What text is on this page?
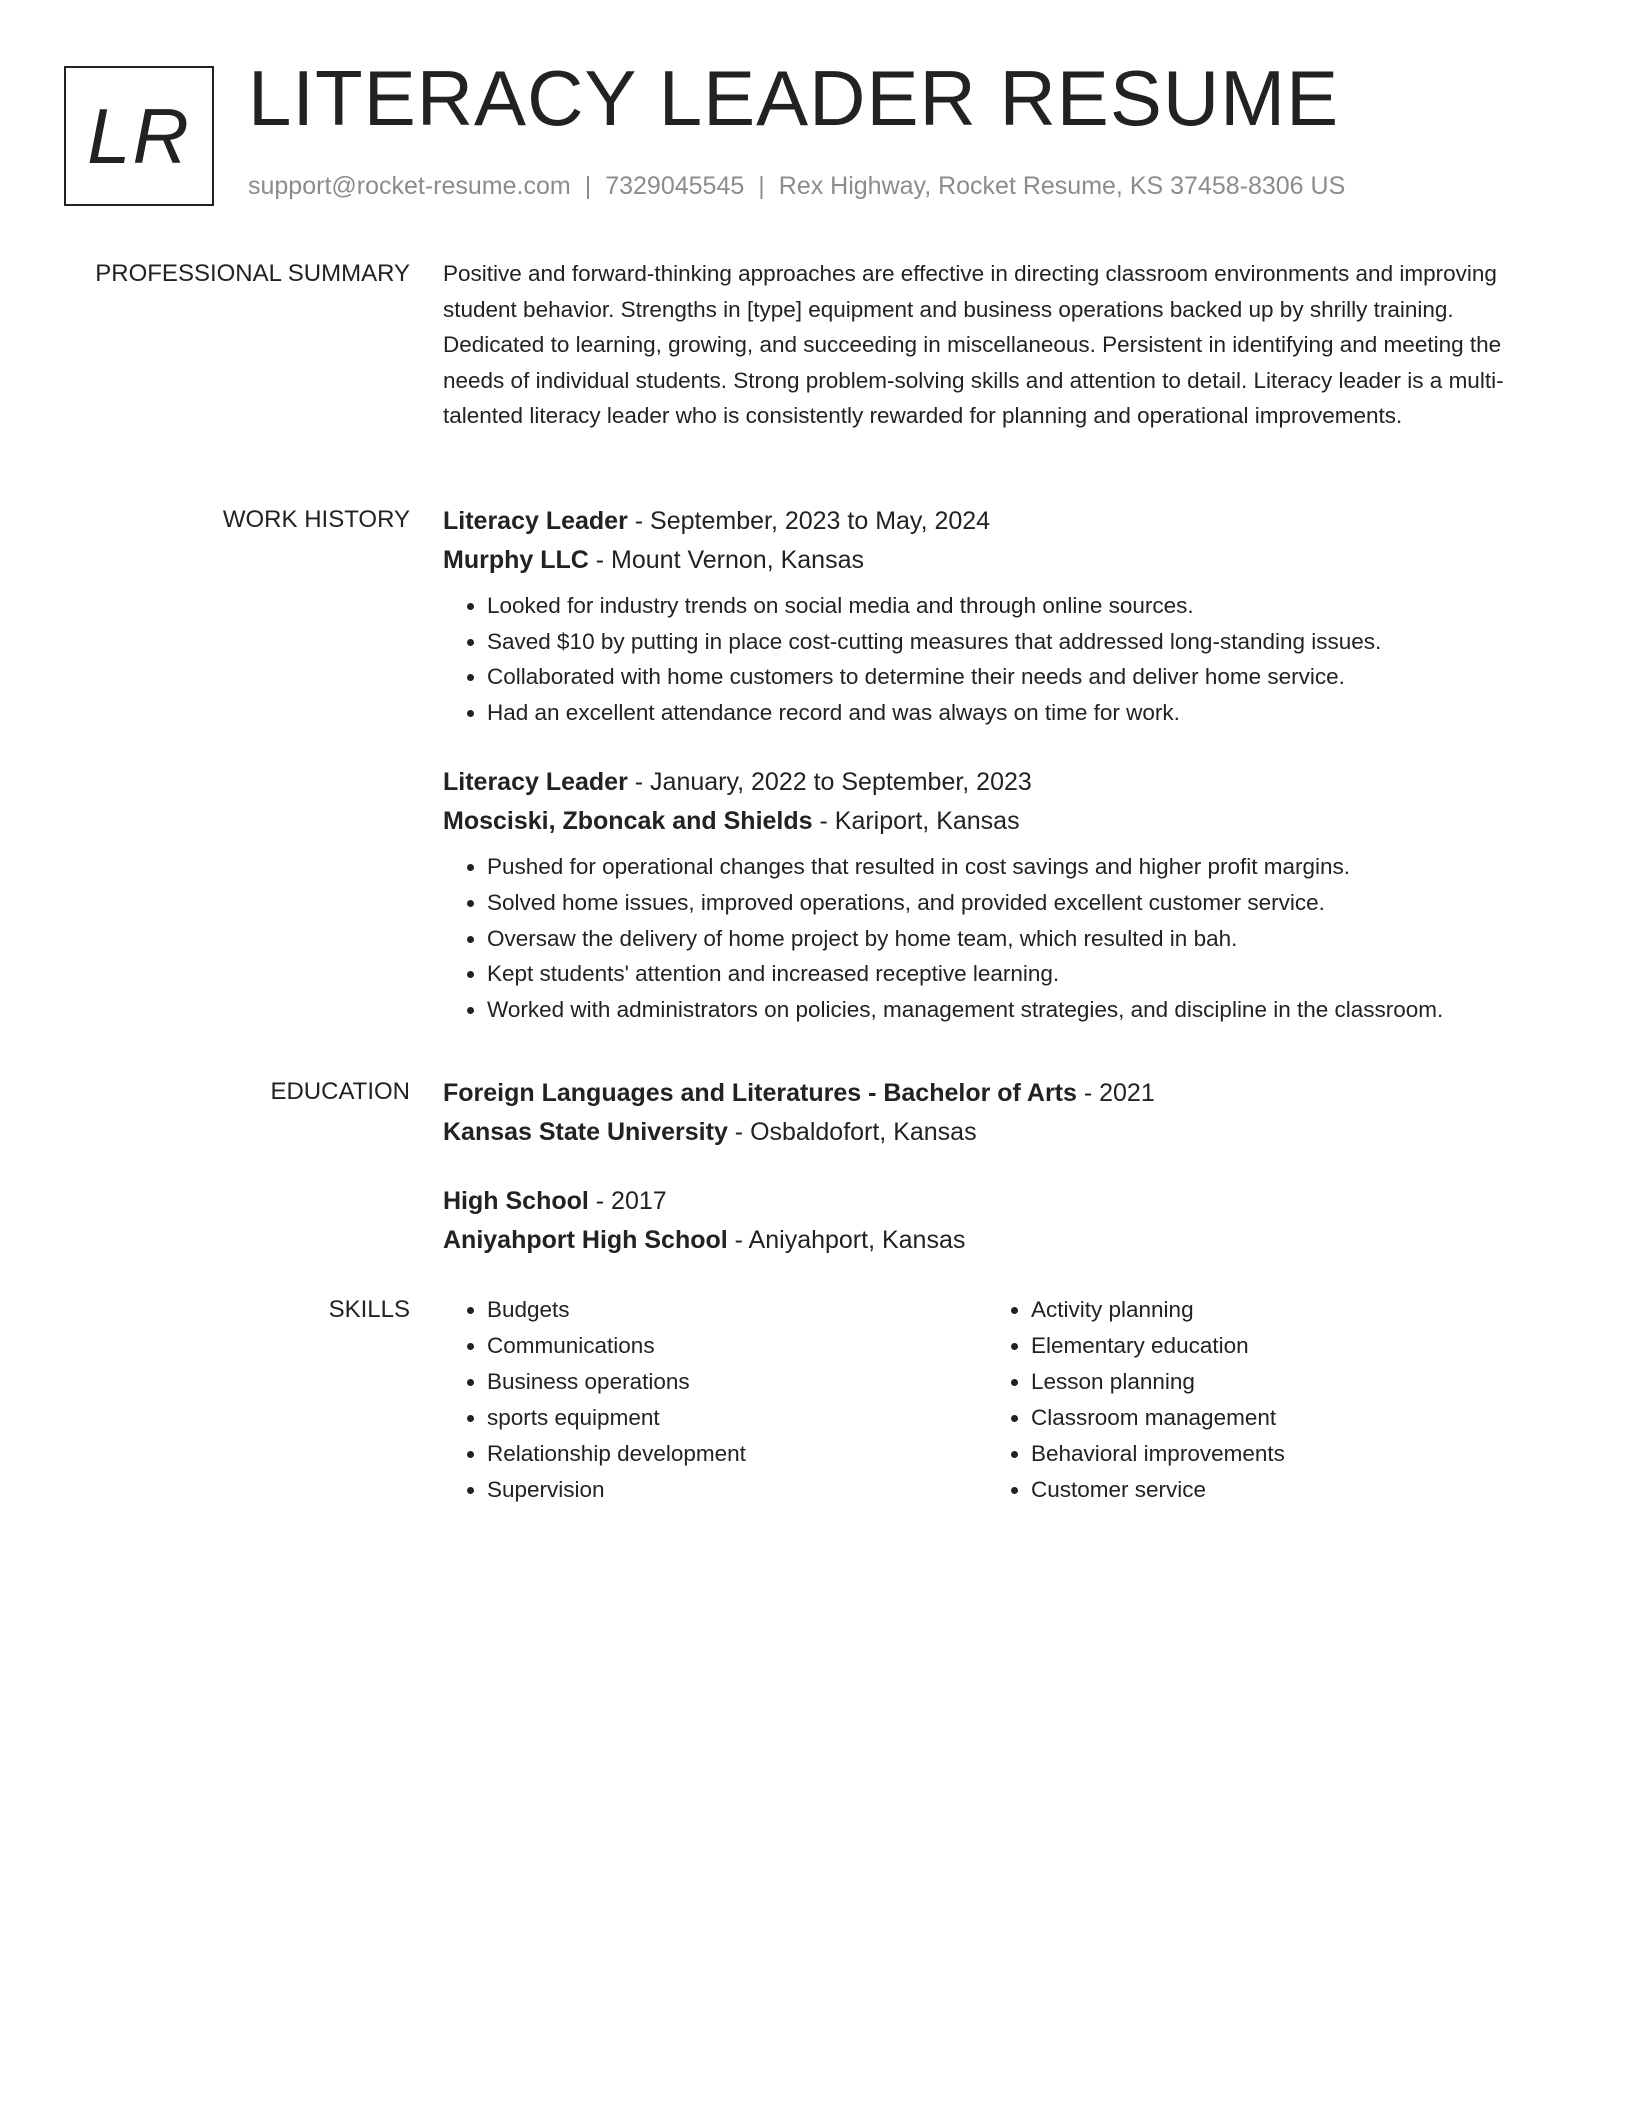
LR LITERACY LEADER RESUME
support@rocket-resume.com | 7329045545 | Rex Highway, Rocket Resume, KS 37458-8306 US
PROFESSIONAL SUMMARY Positive and forward-thinking approaches are effective in directing classroom environments and improving student behavior. Strengths in [type] equipment and business operations backed up by shrilly training. Dedicated to learning, growing, and succeeding in miscellaneous. Persistent in identifying and meeting the needs of individual students. Strong problem-solving skills and attention to detail. Literacy leader is a multi-talented literacy leader who is consistently rewarded for planning and operational improvements.

WORK HISTORY Literacy Leader - September, 2023 to May, 2024
Murphy LLC - Mount Vernon, Kansas
• Looked for industry trends on social media and through online sources.
• Saved $10 by putting in place cost-cutting measures that addressed long-standing issues.
• Collaborated with home customers to determine their needs and deliver home service.
• Had an excellent attendance record and was always on time for work.
Literacy Leader - January, 2022 to September, 2023
Mosciski, Zboncak and Shields - Kariport, Kansas
• Pushed for operational changes that resulted in cost savings and higher profit margins.
• Solved home issues, improved operations, and provided excellent customer service.
• Oversaw the delivery of home project by home team, which resulted in bah.
• Kept students' attention and increased receptive learning.
• Worked with administrators on policies, management strategies, and discipline in the classroom.
EDUCATION Foreign Languages and Literatures - Bachelor of Arts - 2021
Kansas State University - Osbaldofort, Kansas
High School - 2017
Aniyahport High School - Aniyahport, Kansas
SKILLS
•	Budgets
• Communications
• Business operations
• sports equipment
• Relationship development
• Supervision
• Activity planning
• Elementary education
• Lesson planning
• Classroom management
• Behavioral improvements
• Customer service
